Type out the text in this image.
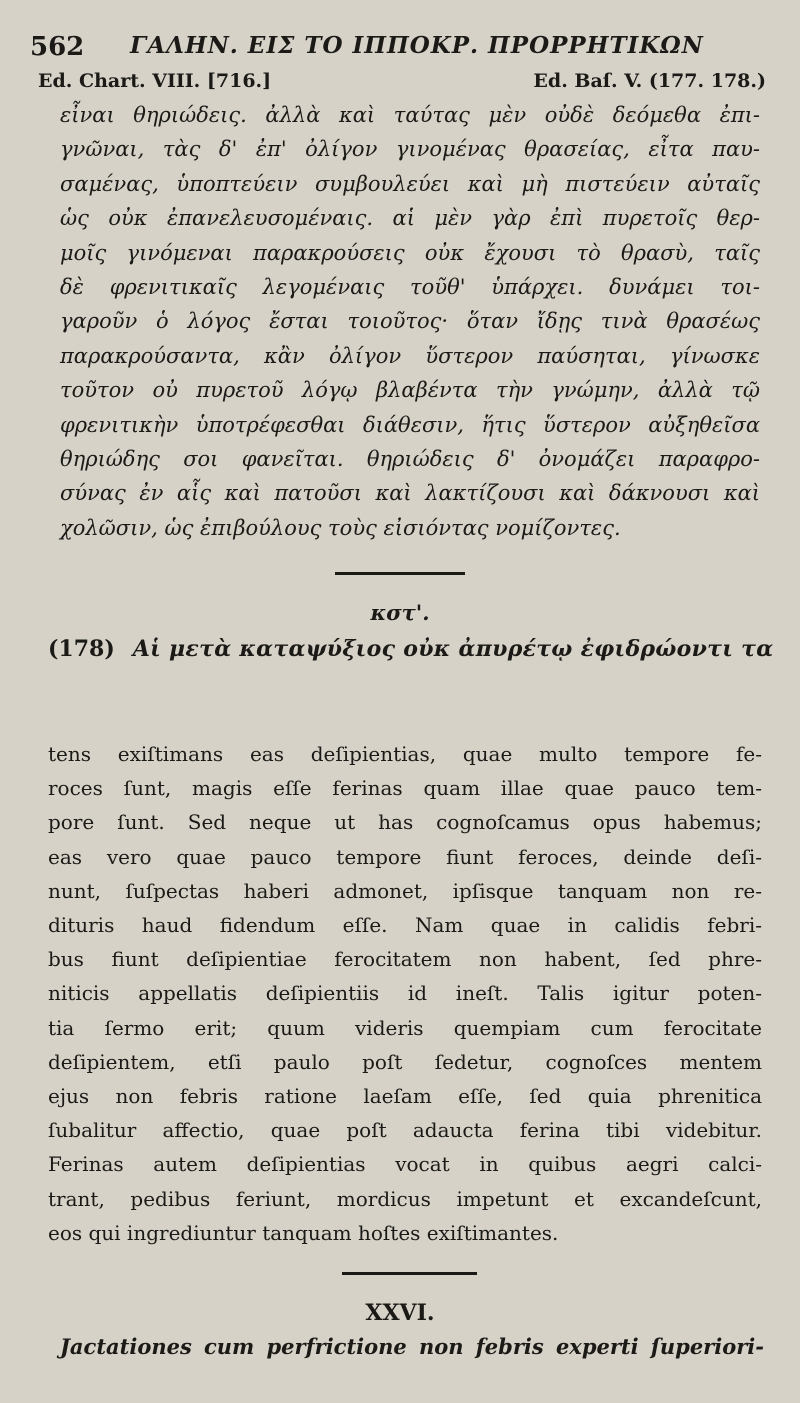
562 ΓΑΛΗΝ. ΕΙΣ ΤΟ ΙΠΠΟΚΡ. ΠΡΟΡΡΗΤΙΚΩΝ
Ed. Chart. VIII. [716.]	Ed. Baſ. V. (177. 178.)
εἶναι θηριώδεις. ἀλλὰ καὶ ταύτας μὲν οὐδὲ δεόμεθα ἐπι-
γνῶναι, τὰς δ' ἐπ' ὀλίγον γινομένας θρασείας, εἶτα παυ-
σαμένας, ὑποπτεύειν συμβουλεύει καὶ μὴ πιστεύειν αὐταῖς
ὡς οὐκ ἐπανελευσομέναις. αἱ μὲν γὰρ ἐπὶ πυρετοῖς θερ-
μοῖς γινόμεναι παρακρούσεις οὐκ ἔχουσι τὸ θρασὺ, ταῖς
δὲ φρενιτικαῖς λεγομέναις τοῦθ' ὑπάρχει. δυνάμει τοι-
γαροῦν ὁ λόγος ἔσται τοιοῦτος· ὅταν ἴδῃς τινὰ θρασέως
παρακρούσαντα, κἂν ὀλίγον ὕστερον παύσηται, γίνωσκε
τοῦτον οὐ πυρετοῦ λόγῳ βλαβέντα τὴν γνώμην, ἀλλὰ τῷ
φρενιτικὴν ὑποτρέφεσθαι διάθεσιν, ἥτις ὕστερον αὐξηθεῖσα
θηριώδης σοι φανεῖται. θηριώδεις δ' ὀνομάζει παραφρο-
σύνας ἐν αἷς καὶ πατοῦσι καὶ λακτίζουσι καὶ δάκνουσι καὶ
χολῶσιν, ὡς ἐπιβούλους τοὺς εἰσιόντας νομίζοντες.
κστ'.
(178) Αἱ μετὰ καταψύξιος οὐκ ἀπυρέτῳ ἐφιδρώοντι τα
tens exiſtimans eas deſipientias, quae multo tempore fe-
roces ſunt, magis eſſe ferinas quam illae quae pauco tem-
pore ſunt. Sed neque ut has cognoſcamus opus habemus;
eas vero quae pauco tempore fiunt feroces, deinde deſi-
nunt, ſuſpectas haberi admonet, ipſisque tanquam non re-
dituris haud fidendum eſſe. Nam quae in calidis febri-
bus fiunt deſipientiae ferocitatem non habent, ſed phre-
niticis appellatis deſipientiis id ineſt. Talis igitur poten-
tia ſermo erit; quum videris quempiam cum ferocitate
deſipientem, etſi paulo poſt ſedetur, cognoſces mentem
ejus non febris ratione laeſam eſſe, ſed quia phrenitica
ſubalitur affectio, quae poſt adaucta ferina tibi videbitur.
Ferinas autem deſipientias vocat in quibus aegri calci-
trant, pedibus feriunt, mordicus impetunt et excandeſcunt,
eos qui ingrediuntur tanquam hoſtes exiſtimantes.
XXVI.
Jactationes cum perfrictione non febris experti ſuperiori-
